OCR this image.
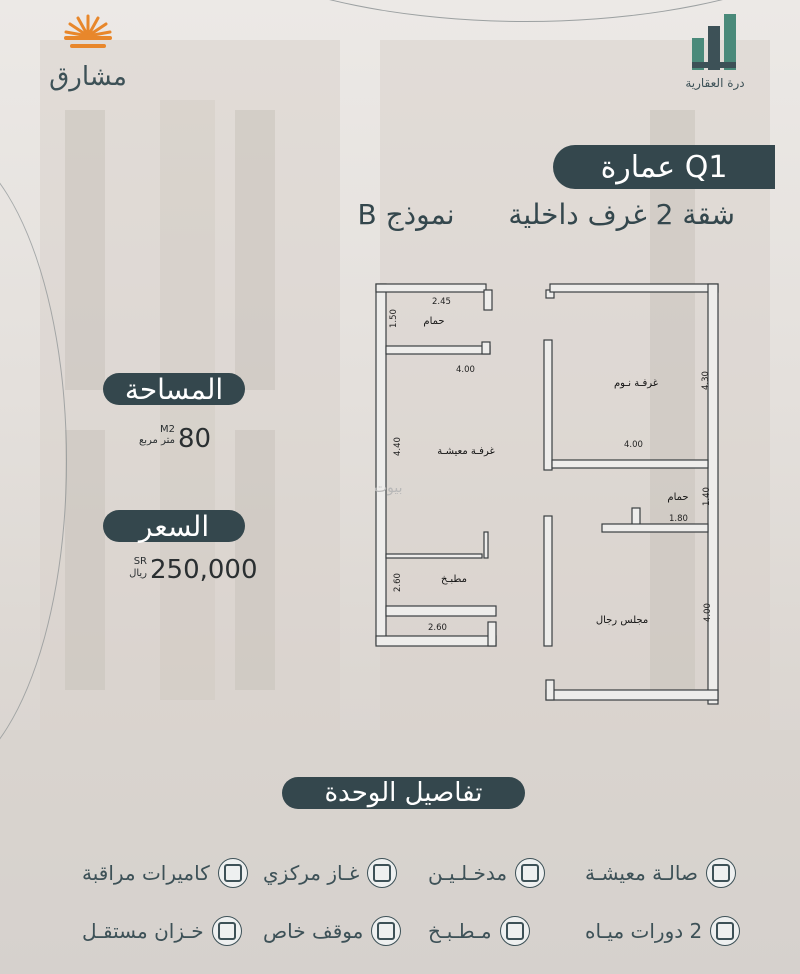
مشارق	درة العقارية
عمارة Q1
شقة 2 غرف داخلية  نموذج B
المساحة
80
M2
متر مربع
السعر
250,000
SR
ريال
2.45
1.50
4.00
4.40
4.30
4.00
1.40
1.80
2.60
2.60
4.00
حمام
غرفـة نـوم
غرفـة معيشـة
حمام
مطبـخ
مجلس رجال
بيوت
تفاصيل الوحدة
صالـة معيشـة
مدخـلـيـن
غـاز مركزي
كاميرات مراقبة
2 دورات ميـاه
مـطـبـخ
موقف خاص
خـزان مستقـل
